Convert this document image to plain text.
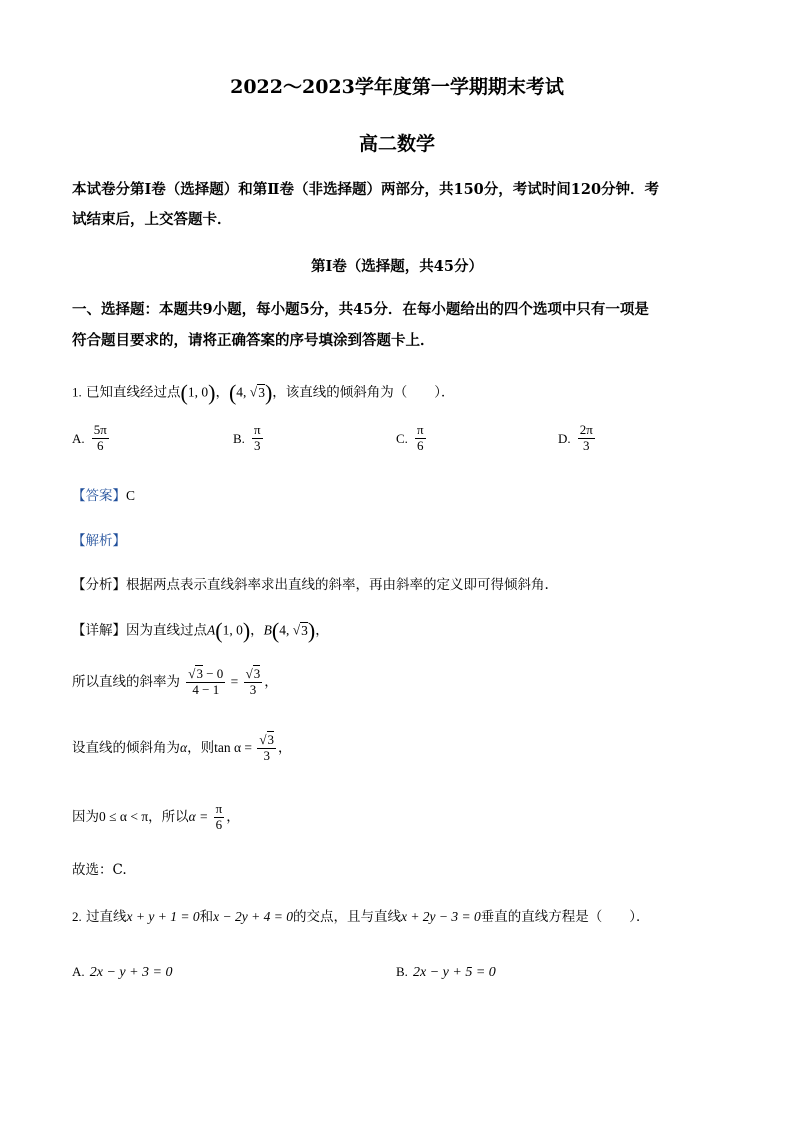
2022～2023学年度第一学期期末考试
高二数学
本试卷分第Ⅰ卷（选择题）和第Ⅱ卷（非选择题）两部分，共150分，考试时间120分钟．考
试结束后，上交答题卡．
第Ⅰ卷（选择题，共45分）
一、选择题：本题共9小题，每小题5分，共45分．在每小题给出的四个选项中只有一项是
符合题目要求的，请将正确答案的序号填涂到答题卡上．
1. 已知直线经过点(1, 0)，(4, √3)，该直线的倾斜角为（　　）．
A. $\frac{5\pi}{6}$	B. $\frac{\pi}{3}$	C. $\frac{\pi}{6}$	D. $\frac{2\pi}{3}$
【答案】C
【解析】
【分析】根据两点表示直线斜率求出直线的斜率，再由斜率的定义即可得倾斜角.
【详解】因为直线过点A(1, 0)，B(4, √3)，
所以直线的斜率为 $\frac{√3 - 0}{4 - 1} = \frac{√3}{3}$ ，
设直线的倾斜角为α，则$\tan \alpha = \frac{√3}{3}$ ，
因为0 ≤ α < π，所以$\alpha = \frac{\pi}{6}$ ，
故选：C.
2. 过直线x + y + 1 = 0和x − 2y + 4 = 0的交点，且与直线x + 2y − 3 = 0垂直的直线方程是（　　）．
A. 2x − y + 3 = 0	B. 2x − y + 5 = 0
